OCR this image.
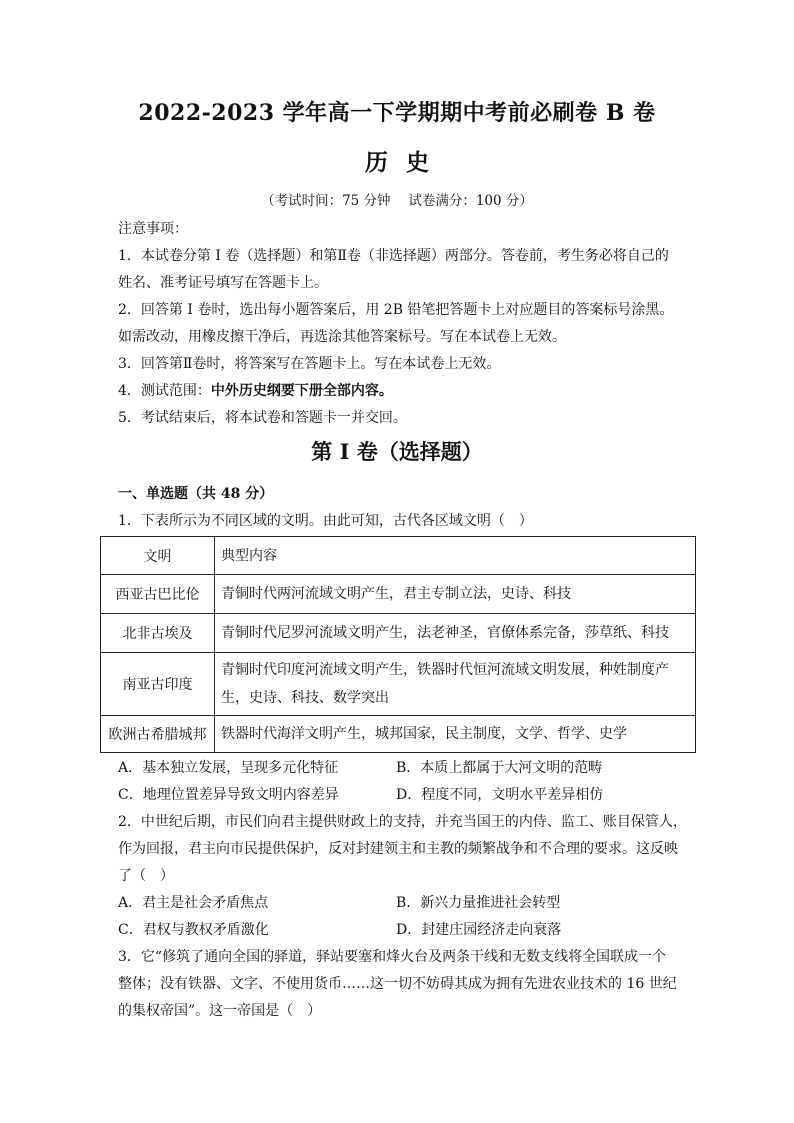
2022-2023 学年高一下学期期中考前必刷卷 B 卷
历史
（考试时间：75 分钟　 试卷满分：100 分）
注意事项：
1．本试卷分第 I 卷（选择题）和第Ⅱ卷（非选择题）两部分。答卷前，考生务必将自己的
姓名、准考证号填写在答题卡上。
2．回答第 I 卷时，选出每小题答案后，用 2B 铅笔把答题卡上对应题目的答案标号涂黑。
如需改动，用橡皮擦干净后，再选涂其他答案标号。写在本试卷上无效。
3．回答第Ⅱ卷时，将答案写在答题卡上。写在本试卷上无效。
4．测试范围：中外历史纲要下册全部内容。
5．考试结束后，将本试卷和答题卡一并交回。
第 I 卷（选择题）
一、单选题（共 48 分）
1．下表所示为不同区域的文明。由此可知，古代各区域文明（　）
文明	典型内容
西亚古巴比伦	青铜时代两河流域文明产生，君主专制立法，史诗、科技
北非古埃及	青铜时代尼罗河流域文明产生，法老神圣，官僚体系完备，莎草纸、科技
南亚古印度	青铜时代印度河流域文明产生，铁器时代恒河流域文明发展，种姓制度产生，史诗、科技、数学突出
欧洲古希腊城邦	铁器时代海洋文明产生，城邦国家，民主制度，文学、哲学、史学
A．基本独立发展，呈现多元化特征	B．本质上都属于大河文明的范畴
C．地理位置差异导致文明内容差异	D．程度不同，文明水平差异相仿
2．中世纪后期，市民们向君主提供财政上的支持，并充当国王的内侍、监工、账目保管人，
作为回报，君主向市民提供保护，反对封建领主和主教的频繁战争和不合理的要求。这反映
了（　）
A．君主是社会矛盾焦点	B．新兴力量推进社会转型
C．君权与教权矛盾激化	D．封建庄园经济走向衰落
3．它“修筑了通向全国的驿道，驿站要塞和烽火台及两条干线和无数支线将全国联成一个
整体；没有铁器、文字、不使用货币……这一切不妨碍其成为拥有先进农业技术的 16 世纪
的集权帝国”。这一帝国是（　）
